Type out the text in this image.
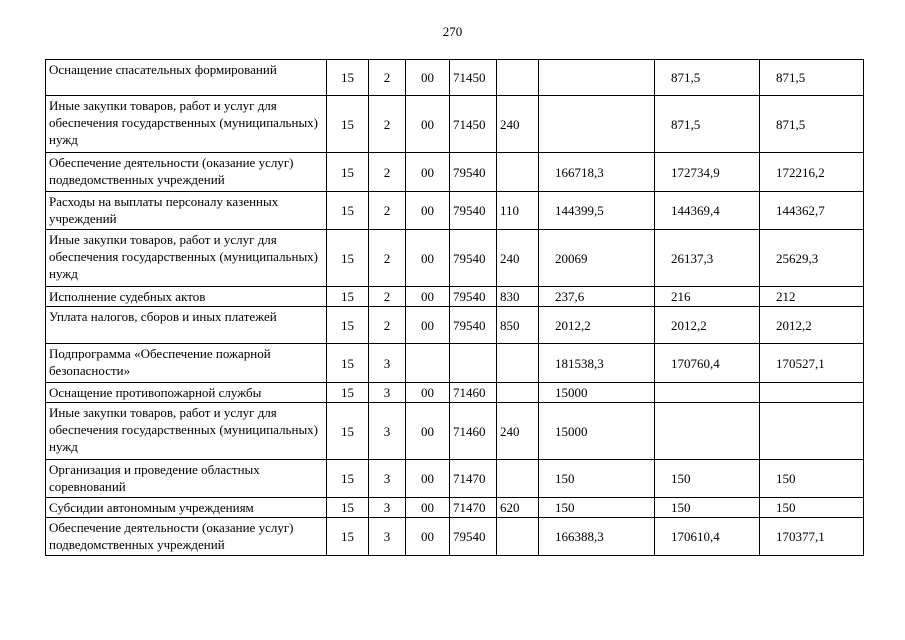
270
Оснащение спасательных формирований	15	2	00	71450			871,5	871,5
Иные закупки товаров, работ и услуг для обеспечения государственных (муниципальных) нужд	15	2	00	71450	240		871,5	871,5
Обеспечение деятельности (оказание услуг) подведомственных учреждений	15	2	00	79540		166718,3	172734,9	172216,2
Расходы на выплаты персоналу казенных учреждений	15	2	00	79540	110	144399,5	144369,4	144362,7
Иные закупки товаров, работ и услуг для обеспечения государственных (муниципальных) нужд	15	2	00	79540	240	20069	26137,3	25629,3
Исполнение судебных актов	15	2	00	79540	830	237,6	216	212
Уплата налогов, сборов и иных платежей	15	2	00	79540	850	2012,2	2012,2	2012,2
Подпрограмма «Обеспечение пожарной безопасности»	15	3				181538,3	170760,4	170527,1
Оснащение противопожарной службы	15	3	00	71460		15000		
Иные закупки товаров, работ и услуг для обеспечения государственных (муниципальных) нужд	15	3	00	71460	240	15000		
Организация и проведение областных соревнований	15	3	00	71470		150	150	150
Субсидии автономным учреждениям	15	3	00	71470	620	150	150	150
Обеспечение деятельности (оказание услуг) подведомственных учреждений	15	3	00	79540		166388,3	170610,4	170377,1
